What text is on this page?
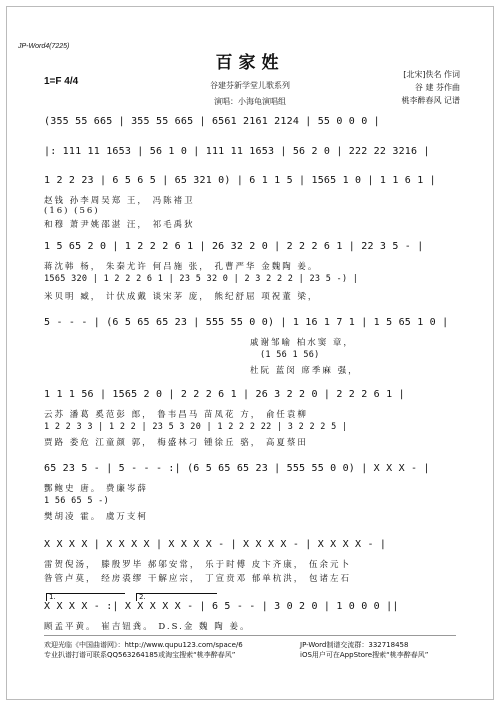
JP-Word4(7225)
百家姓
1=F 4/4	谷建芬新学堂儿歌系列
演唱：小海龟演唱组
[北宋]佚名 作词
谷 建 芬作曲
桃李醉春风 记谱
(355 55 665 | 355 55 665 | 6561 2161 2124 | 55 0 0 0 |
|: 111 11 1653 | 56 1 0 | 111 11 1653 | 56 2 0 | 222 22 3216 |
1 2 2 23 | 6 5 6 5 | 65 321 0) | 6 1 1 5 | 1565 1 0 | 1 1 6 1 |
赵钱 孙李周吴郑 王， 冯陈褚卫
(16) (56)
和穆 萧尹姚邵湛 汪， 祁毛禹狄
1 5 65 2 0 | 1 2 2 2 6 1 | 26 32 2 0 | 2 2 2 6 1 | 22 3 5 - |
蒋沈韩 杨， 朱秦尤许 何吕施 张， 孔曹严华 金魏陶 姜。
1565 320 | 1 2 2 2 6 1 | 23 5 32 0 | 2 3 2 2 2 | 23 5 -) |
米贝明 臧， 计伏成戴 谈宋茅 庞， 熊纪舒屈 项祝董 梁，
5 - - - | (6 5 65 65 23 | 555 55 0 0) | 1 16 1 7 1 | 1 5 65 1 0 |
戚谢邹喻 柏水窦 章，
(1 56 1 56)
杜阮 蓝闵 席季麻 强，
1 1 1 56 | 1565 2 0 | 2 2 2 6 1 | 26 3 2 2 0 | 2 2 2 6 1 |
云苏 潘葛 奚范彭 郎， 鲁韦昌马 苗凤花 方， 俞任袁柳
1 2 2 3 3 | 1 2 2 | 23 5 3 20 | 1 2 2 2 22 | 3 2 2 2 5 |
贾路 娄危 江童颜 郭， 梅盛林刁 锺徐丘 骆， 高夏蔡田
65 23 5 - | 5 - - - :| (6 5 65 65 23 | 555 55 0 0) | X X X - |
酆鲍史 唐。 费廉岑薛
1 56 65 5 -)
樊胡凌 霍。 虞万支柯
X X X X | X X X X | X X X X - | X X X X - | X X X X - |
雷贺倪汤， 滕殷罗毕 郝邬安常， 乐于时傅 皮卞齐康， 伍余元卜
昝管卢莫， 经房裘缪 干解应宗， 丁宣贲邓 郁单杭洪， 包诸左石
1.	2.
X X X X - :| X X X X X - | 6 5 - - | 3 0 2 0 | 1 0 0 0 ||
顾孟平黄。 崔吉钮龚。 D.S.金 魏 陶 姜。
欢迎光临《中国曲谱网》：http://www.qupu123.com/space/6
专业扒谱打谱可联系QQ563264185或淘宝搜索“桃李醉春风”
JP-Word制谱交流群：332718458
iOS用户可在AppStore搜索“桃李醉春风”
